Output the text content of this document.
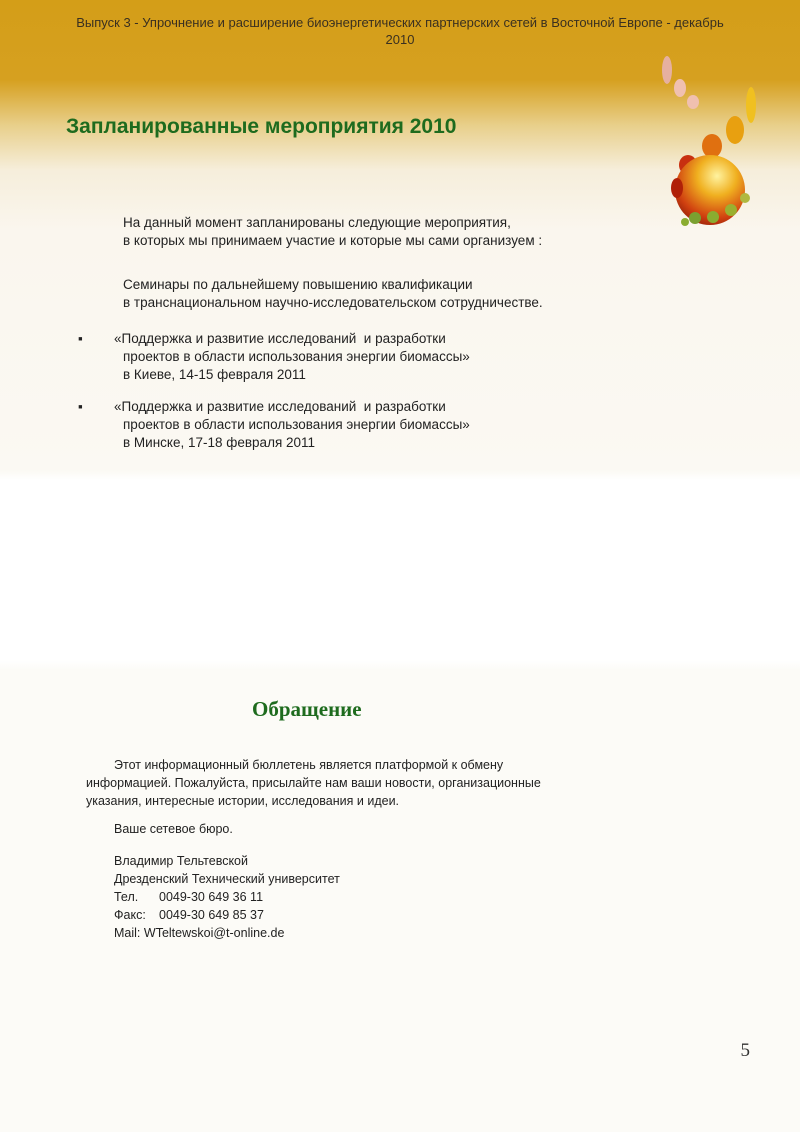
Выпуск 3 - Упрочнение и расширение биоэнергетических партнерских сетей в Восточной Европе - декабрь
2010
Запланированные мероприятия 2010
На данный момент запланированы следующие мероприятия,
в которых мы принимаем участие и которые мы сами организуем :
Семинары по дальнейшему повышению квалификации
в транснациональном научно-исследовательском сотрудничестве.
▪ «Поддержка и развитие исследований  и разработки
проектов в области использования энергии биомассы»
в Киеве, 14-15 февраля 2011
▪ «Поддержка и развитие исследований  и разработки
проектов в области использования энергии биомассы»
в Минске, 17-18 февраля 2011
Обращение
Этот информационный бюллетень является платформой к обмену информацией. Пожалуйста, присылайте нам ваши новости, организационные указания, интересные истории, исследования и идеи.
Ваше сетевое бюро.
Владимир Тельтевской
Дрезденский Технический университет
Тел. 0049-30 649 36 11
Факс: 0049-30 649 85 37
Mail: WTeltewskoi@t-online.de
5
